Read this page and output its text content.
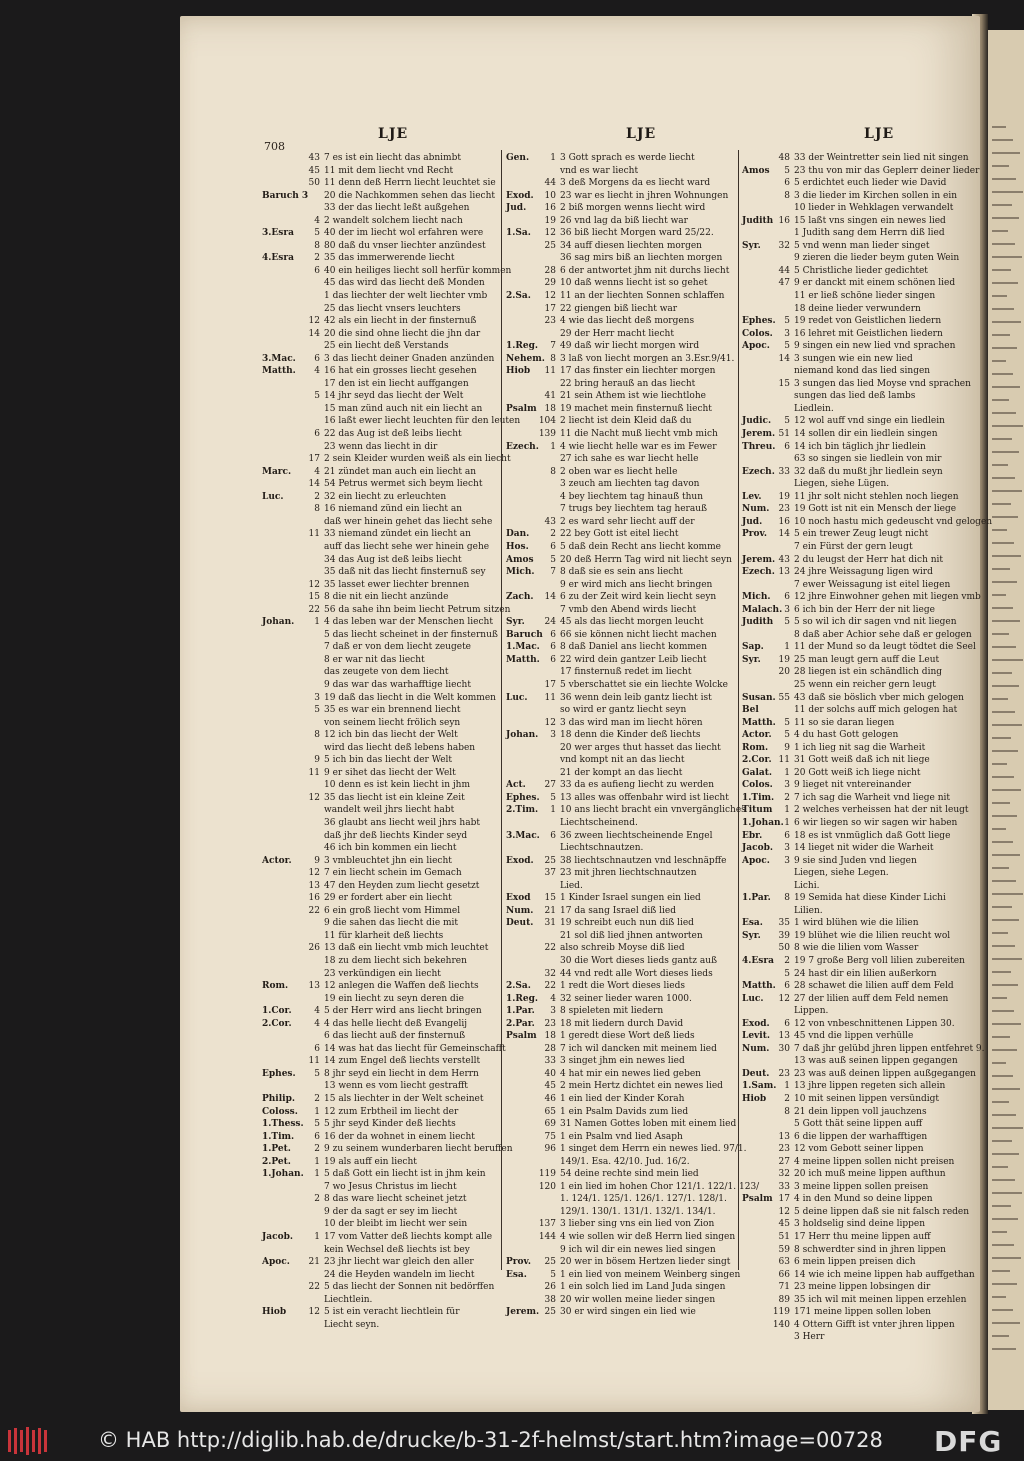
708
LJE	LJE	LJE
43 7 es ist ein liecht das abnimbt
45 11 mit dem liecht vnd Recht
50 11 denn deß Herrn liecht leuchtet sie
Baruch 3	20 die Nachkommen sehen das liecht
33 der das liecht leßt außgehen
4 2 wandelt solchem liecht nach
3.Esra	5 40 der im liecht wol erfahren were
8 80 daß du vnser liechter anzündest
4.Esra	2 35 das immerwerende liecht
6 40 ein heiliges liecht soll herfür kommen
45 das wird das liecht deß Monden
1 das liechter der welt liechter vmb
25 das liecht vnsers leuchters
12 42 als ein liecht in der finsternuß
14 20 die sind ohne liecht die jhn dar
25 ein liecht deß Verstands
3.Mac.	6 3 das liecht deiner Gnaden anzünden
Matth.	4 16 hat ein grosses liecht gesehen
17 den ist ein liecht auffgangen
5 14 jhr seyd das liecht der Welt
15 man zünd auch nit ein liecht an
16 laßt ewer liecht leuchten für den leuten
6 22 das Aug ist deß leibs liecht
23 wenn das liecht in dir
17 2 sein Kleider wurden weiß als ein liecht
Marc.	4 21 zündet man auch ein liecht an
14 54 Petrus wermet sich beym liecht
Luc.	2 32 ein liecht zu erleuchten
8 16 niemand zünd ein liecht an
daß wer hinein gehet das liecht sehe
11 33 niemand zündet ein liecht an
auff das liecht sehe wer hinein gehe
34 das Aug ist deß leibs liecht
35 daß nit das liecht finsternuß sey
12 35 lasset ewer liechter brennen
15 8 die nit ein liecht anzünde
22 56 da sahe ihn beim liecht Petrum sitzen
Johan.	1 4 das leben war der Menschen liecht
5 das liecht scheinet in der finsternuß
7 daß er von dem liecht zeugete
8 er war nit das liecht
das zeugete von dem liecht
9 das war das warhafftige liecht
3 19 daß das liecht in die Welt kommen
5 35 es war ein brennend liecht
von seinem liecht frölich seyn
8 12 ich bin das liecht der Welt
wird das liecht deß lebens haben
9 5 ich bin das liecht der Welt
11 9 er sihet das liecht der Welt
10 denn es ist kein liecht in jhm
12 35 das liecht ist ein kleine Zeit
wandelt weil jhrs liecht habt
36 glaubt ans liecht weil jhrs habt
daß jhr deß liechts Kinder seyd
46 ich bin kommen ein liecht
Actor.	9 3 vmbleuchtet jhn ein liecht
12 7 ein liecht schein im Gemach
13 47 den Heyden zum liecht gesetzt
16 29 er fordert aber ein liecht
22 6 ein groß liecht vom Himmel
9 die sahen das liecht die mit
11 für klarheit deß liechts
26 13 daß ein liecht vmb mich leuchtet
18 zu dem liecht sich bekehren
23 verkündigen ein liecht
Rom.	13 12 anlegen die Waffen deß liechts
19 ein liecht zu seyn deren die
1.Cor.	4 5 der Herr wird ans liecht bringen
2.Cor.	4 4 das helle liecht deß Evangelij
6 das liecht auß der finsternuß
6 14 was hat das liecht für Gemeinschafft
11 14 zum Engel deß liechts verstellt
Ephes.	5 8 jhr seyd ein liecht in dem Herrn
13 wenn es vom liecht gestrafft
Philip.	2 15 als liechter in der Welt scheinet
Coloss.	1 12 zum Erbtheil im liecht der
1.Thess.	5 5 jhr seyd Kinder deß liechts
1.Tim.	6 16 der da wohnet in einem liecht
1.Pet.	2 9 zu seinem wunderbaren liecht beruffen
2.Pet.	1 19 als auff ein liecht
1.Johan.	1 5 daß Gott ein liecht ist in jhm kein
7 wo Jesus Christus im liecht
2 8 das ware liecht scheinet jetzt
9 der da sagt er sey im liecht
10 der bleibt im liecht wer sein
Jacob.	1 17 vom Vatter deß liechts kompt alle
kein Wechsel deß liechts ist bey
Apoc.	21 23 jhr liecht war gleich den aller
24 die Heyden wandeln im liecht
22 5 das liecht der Sonnen nit bedörffen
Liechtlein.
Hiob	12 5 ist ein veracht liechtlein für
Liecht seyn.
Gen.	1 3 Gott sprach es werde liecht
vnd es war liecht
44 3 deß Morgens da es liecht ward
Exod.	10 23 war es liecht in jhren Wohnungen
Jud.	16 2 biß morgen wenns liecht wird
19 26 vnd lag da biß liecht war
1.Sa.	12 36 biß liecht Morgen ward 25/22.
25 34 auff diesen liechten morgen
36 sag mirs biß an liechten morgen
28 6 der antwortet jhm nit durchs liecht
29 10 daß wenns liecht ist so gehet
2.Sa.	12 11 an der liechten Sonnen schlaffen
17 22 giengen biß liecht war
23 4 wie das liecht deß morgens
29 der Herr macht liecht
1.Reg.	7 49 daß wir liecht morgen wird
Nehem. 8 3 laß von liecht morgen an 3.Esr.9/41.
Hiob	11 17 das finster ein liechter morgen
22 bring herauß an das liecht
41 21 sein Athem ist wie liechtlohe
Psalm 18 19 machet mein finsternuß liecht
104 2 liecht ist dein Kleid daß du
139 11 die Nacht muß liecht vmb mich
Ezech.	1 4 wie liecht helle war es im Fewer
27 ich sahe es war liecht helle
8 2 oben war es liecht helle
3 zeuch am liechten tag davon
4 bey liechtem tag hinauß thun
7 trugs bey liechtem tag herauß
43 2 es ward sehr liecht auff der
Dan.	2 22 bey Gott ist eitel liecht
Hos.	6 5 daß dein Recht ans liecht komme
Amos	5 20 deß Herrn Tag wird nit liecht seyn
Mich.	7 8 daß sie es sein ans liecht
9 er wird mich ans liecht bringen
Zach.	14 6 zu der Zeit wird kein liecht seyn
7 vmb den Abend wirds liecht
Syr.	24 45 als das liecht morgen leucht
Baruch 6 66 sie können nicht liecht machen
1.Mac.	6 8 daß Daniel ans liecht kommen
Matth.	6 22 wird dein gantzer Leib liecht
17 finsternuß redet im liecht
17 5 vberschattet sie ein liechte Wolcke
Luc.	11 36 wenn dein leib gantz liecht ist
so wird er gantz liecht seyn
12 3 das wird man im liecht hören
Johan.	3 18 denn die Kinder deß liechts
20 wer arges thut hasset das liecht
vnd kompt nit an das liecht
21 der kompt an das liecht
Act.	27 33 da es aufieng liecht zu werden
Ephes.	5 13 alles was offenbahr wird ist liecht
2.Tim.	1 10 ans liecht bracht ein vnvergängliches
Liechtscheinend.
3.Mac.	6 36 zween liechtscheinende Engel
Liechtschnautzen.
Exod.	25 38 liechtschnautzen vnd leschnäpffe
37 23 mit jhren liechtschnautzen
Lied.
Exod	15 1 Kinder Israel sungen ein lied
Num.	21 17 da sang Israel diß lied
Deut.	31 19 schreibt euch nun diß lied
21 sol diß lied jhnen antworten
22 also schreib Moyse diß lied
30 die Wort dieses lieds gantz auß
32 44 vnd redt alle Wort dieses lieds
2.Sa.	22 1 redt die Wort dieses lieds
1.Reg.	4 32 seiner lieder waren 1000.
1.Par.	3 8 spieleten mit liedern
2.Par.	23 18 mit liedern durch David
Psalm 18 1 geredt diese Wort deß lieds
28 7 ich wil dancken mit meinem lied
33 3 singet jhm ein newes lied
40 4 hat mir ein newes lied geben
45 2 mein Hertz dichtet ein newes lied
46 1 ein lied der Kinder Korah
65 1 ein Psalm Davids zum lied
69 31 Namen Gottes loben mit einem lied
75 1 ein Psalm vnd lied Asaph
96 1 singet dem Herrn ein newes lied. 97/1.
149/1. Esa. 42/10. Jud. 16/2.
119 54 deine rechte sind mein lied
120 1 ein lied im hohen Chor 121/1. 122/1. 123/
1. 124/1. 125/1. 126/1. 127/1. 128/1.
129/1. 130/1. 131/1. 132/1. 134/1.
137 3 lieber sing vns ein lied von Zion
144 4 wie sollen wir deß Herrn lied singen
9 ich wil dir ein newes lied singen
Prov.	25 20 wer in bösem Hertzen lieder singt
Esa.	5 1 ein lied von meinem Weinberg singen
26 1 ein solch lied im Land Juda singen
38 20 wir wollen meine lieder singen
Jerem. 25 30 er wird singen ein lied wie
48 33 der Weintretter sein lied nit singen
Amos	5 23 thu von mir das Geplerr deiner lieder
6 5 erdichtet euch lieder wie David
8 3 die lieder im Kirchen sollen in ein
10 lieder in Wehklagen verwandelt
Judith 16 15 laßt vns singen ein newes lied
1 Judith sang dem Herrn diß lied
Syr.	32 5 vnd wenn man lieder singet
9 zieren die lieder beym guten Wein
44 5 Christliche lieder gedichtet
47 9 er danckt mit einem schönen lied
11 er ließ schöne lieder singen
18 deine lieder verwundern
Ephes. 5 19 redet von Geistlichen liedern
Colos.	3 16 lehret mit Geistlichen liedern
Apoc.	5 9 singen ein new lied vnd sprachen
14 3 sungen wie ein new lied
niemand kond das lied singen
15 3 sungen das lied Moyse vnd sprachen
sungen das lied deß lambs
Liedlein.
Judic.	5 12 wol auff vnd singe ein liedlein
Jerem. 51 14 sollen dir ein liedlein singen
Threu. 6 14 ich bin täglich jhr liedlein
63 so singen sie liedlein von mir
Ezech. 33 32 daß du mußt jhr liedlein seyn
Liegen, siehe Lügen.
Lev.	19 11 jhr solt nicht stehlen noch liegen
Num.	23 19 Gott ist nit ein Mensch der liege
Jud.	16 10 noch hastu mich gedeuscht vnd gelogen
Prov.	14 5 ein trewer Zeug leugt nicht
7 ein Fürst der gern leugt
Jerem. 43 2 du leugst der Herr hat dich nit
Ezech. 13 24 jhre Weissagung ligen wird
7 ewer Weissagung ist eitel liegen
Mich.	6 12 jhre Einwohner gehen mit liegen vmb
Malach. 3 6 ich bin der Herr der nit liege
Judith	5 5 so wil ich dir sagen vnd nit liegen
8 daß aber Achior sehe daß er gelogen
Sap.	1 11 der Mund so da leugt tödtet die Seel
Syr.	19 25 man leugt gern auff die Leut
20 28 liegen ist ein schändlich ding
25 wenn ein reicher gern leugt
Susan. 55 43 daß sie böslich vber mich gelogen
Bel	11 der solchs auff mich gelogen hat
Matth. 5 11 so sie daran liegen
Actor.	5 4 du hast Gott gelogen
Rom.	9 1 ich lieg nit sag die Warheit
2.Cor. 11 31 Gott weiß daß ich nit liege
Galat.	1 20 Gott weiß ich liege nicht
Colos.	3 9 lieget nit vntereinander
1.Tim.	2 7 ich sag die Warheit vnd liege nit
Titum	1 2 welches verheissen hat der nit leugt
1.Johan. 1 6 wir liegen so wir sagen wir haben
Ebr.	6 18 es ist vnmüglich daß Gott liege
Jacob.	3 14 lieget nit wider die Warheit
Apoc.	3 9 sie sind Juden vnd liegen
Liegen, siehe Legen.
Lichi.
1.Par.	8 19 Semida hat diese Kinder Lichi
Lilien.
Esa.	35 1 wird blühen wie die lilien
Syr.	39 19 blühet wie die lilien reucht wol
50 8 wie die lilien vom Wasser
4.Esra	2 19 7 große Berg voll lilien zubereiten
5 24 hast dir ein lilien außerkorn
Matth. 6 28 schawet die lilien auff dem Feld
Luc.	12 27 der lilien auff dem Feld nemen
Lippen.
Exod.	6 12 von vnbeschnittenen Lippen 30.
Levit. 13 45 vnd die lippen verhülle
Num.	30 7 daß jhr gelübd jhren lippen entfehret 9.
13 was auß seinen lippen gegangen
Deut.	23 23 was auß deinen lippen außgegangen
1.Sam. 1 13 jhre lippen regeten sich allein
Hiob	2 10 mit seinen lippen versündigt
8 21 dein lippen voll jauchzens
5 Gott thät seine lippen auff
13 6 die lippen der warhafftigen
23 12 vom Gebott seiner lippen
27 4 meine lippen sollen nicht preisen
32 20 ich muß meine lippen aufthun
33 3 meine lippen sollen preisen
Psalm 17 4 in den Mund so deine lippen
12 5 deine lippen daß sie nit falsch reden
45 3 holdselig sind deine lippen
51 17 Herr thu meine lippen auff
59 8 schwerdter sind in jhren lippen
63 6 mein lippen preisen dich
66 14 wie ich meine lippen hab auffgethan
71 23 meine lippen lobsingen dir
89 35 ich wil mit meinen lippen erzehlen
119 171 meine lippen sollen loben
140 4 Ottern Gifft ist vnter jhren lippen
3 Herr
© HAB http://diglib.hab.de/drucke/b-31-2f-helmst/start.htm?image=00728 DFG
